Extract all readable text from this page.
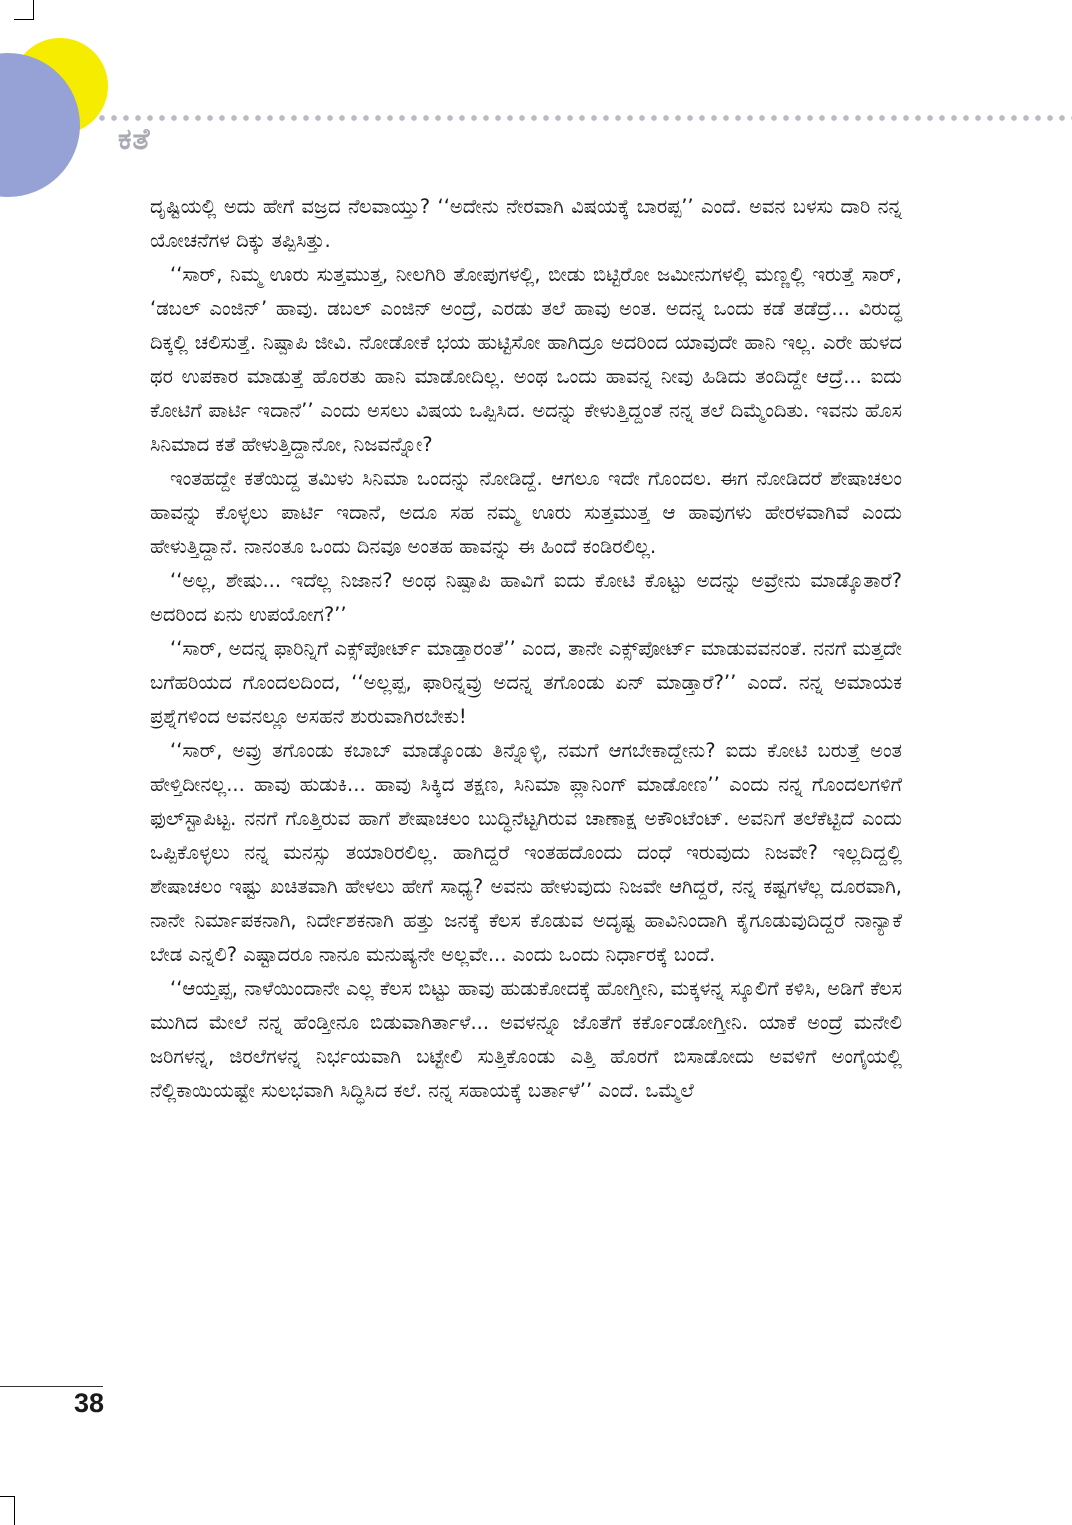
ಕತೆ

ದೃಷ್ಟಿಯಲ್ಲಿ ಅದು ಹೇಗೆ ವಜ್ರದ ನೆಲವಾಯ್ತು? ‘‘ಅದೇನು ನೇರವಾಗಿ ವಿಷಯಕ್ಕೆ ಬಾರಪ್ಪ’’ ಎಂದೆ. ಅವನ ಬಳಸು ದಾರಿ ನನ್ನ ಯೋಚನೆಗಳ ದಿಕ್ಕು ತಪ್ಪಿಸಿತ್ತು.

‘‘ಸಾರ್, ನಿಮ್ಮ ಊರು ಸುತ್ತಮುತ್ತ, ನೀಲಗಿರಿ ತೋಪುಗಳಲ್ಲಿ, ಬೀಡು ಬಿಟ್ಟಿರೋ ಜಮೀನುಗಳಲ್ಲಿ ಮಣ್ಣಲ್ಲಿ ಇರುತ್ತೆ ಸಾರ್, ‘ಡಬಲ್ ಎಂಜಿನ್’ ಹಾವು. ಡಬಲ್ ಎಂಜಿನ್ ಅಂದ್ರೆ, ಎರಡು ತಲೆ ಹಾವು ಅಂತ. ಅದನ್ನ ಒಂದು ಕಡೆ ತಡೆದ್ರೆ... ವಿರುದ್ಧ ದಿಕ್ಕಲ್ಲಿ ಚಲಿಸುತ್ತೆ. ನಿಷ್ಪಾಪಿ ಜೀವಿ. ನೋಡೋಕೆ ಭಯ ಹುಟ್ಟಿಸೋ ಹಾಗಿದ್ರೂ ಅದರಿಂದ ಯಾವುದೇ ಹಾನಿ ಇಲ್ಲ. ಎರೇ ಹುಳದ ಥರ ಉಪಕಾರ ಮಾಡುತ್ತೆ ಹೊರತು ಹಾನಿ ಮಾಡೋದಿಲ್ಲ. ಅಂಥ ಒಂದು ಹಾವನ್ನ ನೀವು ಹಿಡಿದು ತಂದಿದ್ದೇ ಆದ್ರೆ... ಐದು ಕೋಟಿಗೆ ಪಾರ್ಟಿ ಇದಾನೆ’’ ಎಂದು ಅಸಲು ವಿಷಯ ಒಪ್ಪಿಸಿದ. ಅದನ್ನು ಕೇಳುತ್ತಿದ್ದಂತೆ ನನ್ನ ತಲೆ ದಿಮ್ಮೆಂದಿತು. ಇವನು ಹೊಸ ಸಿನಿಮಾದ ಕತೆ ಹೇಳುತ್ತಿದ್ದಾನೋ, ನಿಜವನ್ನೋ?

ಇಂತಹದ್ದೇ ಕತೆಯಿದ್ದ ತಮಿಳು ಸಿನಿಮಾ ಒಂದನ್ನು ನೋಡಿದ್ದೆ. ಆಗಲೂ ಇದೇ ಗೊಂದಲ. ಈಗ ನೋಡಿದರೆ ಶೇಷಾಚಲಂ ಹಾವನ್ನು ಕೊಳ್ಳಲು ಪಾರ್ಟಿ ಇದಾನೆ, ಅದೂ ಸಹ ನಮ್ಮ ಊರು ಸುತ್ತಮುತ್ತ ಆ ಹಾವುಗಳು ಹೇರಳವಾಗಿವೆ ಎಂದು ಹೇಳುತ್ತಿದ್ದಾನೆ. ನಾನಂತೂ ಒಂದು ದಿನವೂ ಅಂತಹ ಹಾವನ್ನು ಈ ಹಿಂದೆ ಕಂಡಿರಲಿಲ್ಲ.

‘‘ಅಲ್ಲ, ಶೇಷು... ಇದೆಲ್ಲ ನಿಜಾನ? ಅಂಥ ನಿಷ್ಪಾಪಿ ಹಾವಿಗೆ ಐದು ಕೋಟಿ ಕೊಟ್ಟು ಅದನ್ನು ಅವ್ರೇನು ಮಾಡ್ಕೊತಾರೆ? ಅದರಿಂದ ಏನು ಉಪಯೋಗ?’’

‘‘ಸಾರ್, ಅದನ್ನ ಫಾರಿನ್ನಿಗೆ ಎಕ್ಸ್‌ಪೋರ್ಟ್ ಮಾಡ್ತಾರಂತೆ’’ ಎಂದ, ತಾನೇ ಎಕ್ಸ್‌ಪೋರ್ಟ್ ಮಾಡುವವನಂತೆ. ನನಗೆ ಮತ್ತದೇ ಬಗೆಹರಿಯದ ಗೊಂದಲದಿಂದ, ‘‘ಅಲ್ಲಪ್ಪ, ಫಾರಿನ್ನವ್ರು ಅದನ್ನ ತಗೊಂಡು ಏನ್ ಮಾಡ್ತಾರೆ?’’ ಎಂದೆ. ನನ್ನ ಅಮಾಯಕ ಪ್ರಶ್ನೆಗಳಿಂದ ಅವನಲ್ಲೂ ಅಸಹನೆ ಶುರುವಾಗಿರಬೇಕು!

‘‘ಸಾರ್, ಅವ್ರು ತಗೊಂಡು ಕಬಾಬ್ ಮಾಡ್ಕೊಂಡು ತಿನ್ನೊಳ್ಳಿ, ನಮಗೆ ಆಗಬೇಕಾದ್ದೇನು? ಐದು ಕೋಟಿ ಬರುತ್ತೆ ಅಂತ ಹೇಳ್ತಿದೀನಲ್ಲ... ಹಾವು ಹುಡುಕಿ... ಹಾವು ಸಿಕ್ಕಿದ ತಕ್ಷಣ, ಸಿನಿಮಾ ಪ್ಲಾನಿಂಗ್ ಮಾಡೋಣ’’ ಎಂದು ನನ್ನ ಗೊಂದಲಗಳಿಗೆ ಫುಲ್‌ಸ್ಟಾಪಿಟ್ಟ. ನನಗೆ ಗೊತ್ತಿರುವ ಹಾಗೆ ಶೇಷಾಚಲಂ ಬುದ್ಧಿನೆಟ್ಟಗಿರುವ ಚಾಣಾಕ್ಷ ಅಕೌಂಟೆಂಟ್. ಅವನಿಗೆ ತಲೆಕೆಟ್ಟಿದೆ ಎಂದು ಒಪ್ಪಿಕೊಳ್ಳಲು ನನ್ನ ಮನಸ್ಸು ತಯಾರಿರಲಿಲ್ಲ. ಹಾಗಿದ್ದರೆ ಇಂತಹದೊಂದು ದಂಧೆ ಇರುವುದು ನಿಜವೇ? ಇಲ್ಲದಿದ್ದಲ್ಲಿ ಶೇಷಾಚಲಂ ಇಷ್ಟು ಖಚಿತವಾಗಿ ಹೇಳಲು ಹೇಗೆ ಸಾಧ್ಯ? ಅವನು ಹೇಳುವುದು ನಿಜವೇ ಆಗಿದ್ದರೆ, ನನ್ನ ಕಷ್ಟಗಳೆಲ್ಲ ದೂರವಾಗಿ, ನಾನೇ ನಿರ್ಮಾಪಕನಾಗಿ, ನಿರ್ದೇಶಕನಾಗಿ ಹತ್ತು ಜನಕ್ಕೆ ಕೆಲಸ ಕೊಡುವ ಅದೃಷ್ಟ ಹಾವಿನಿಂದಾಗಿ ಕೈಗೂಡುವುದಿದ್ದರೆ ನಾನ್ಯಾಕೆ ಬೇಡ ಎನ್ನಲಿ? ಎಷ್ಟಾದರೂ ನಾನೂ ಮನುಷ್ಯನೇ ಅಲ್ಲವೇ... ಎಂದು ಒಂದು ನಿರ್ಧಾರಕ್ಕೆ ಬಂದೆ.

‘‘ಆಯ್ತಪ್ಪ, ನಾಳೆಯಿಂದಾನೇ ಎಲ್ಲ ಕೆಲಸ ಬಿಟ್ಟು ಹಾವು ಹುಡುಕೋದಕ್ಕೆ ಹೋಗ್ತೀನಿ, ಮಕ್ಕಳನ್ನ ಸ್ಕೂಲಿಗೆ ಕಳಿಸಿ, ಅಡಿಗೆ ಕೆಲಸ ಮುಗಿದ ಮೇಲೆ ನನ್ನ ಹೆಂಡ್ತೀನೂ ಬಿಡುವಾಗಿರ್ತಾಳೆ... ಅವಳನ್ನೂ ಜೊತೆಗೆ ಕರ್ಕೊಂಡೋಗ್ತೀನಿ. ಯಾಕೆ ಅಂದ್ರೆ ಮನೇಲಿ ಜರಿಗಳನ್ನ, ಜಿರಲೆಗಳನ್ನ ನಿರ್ಭಯವಾಗಿ ಬಟ್ಟೇಲಿ ಸುತ್ತಿಕೊಂಡು ಎತ್ತಿ ಹೊರಗೆ ಬಿಸಾಡೋದು ಅವಳಿಗೆ ಅಂಗೈಯಲ್ಲಿ ನೆಲ್ಲಿಕಾಯಿಯಷ್ಟೇ ಸುಲಭವಾಗಿ ಸಿದ್ಧಿಸಿದ ಕಲೆ. ನನ್ನ ಸಹಾಯಕ್ಕೆ ಬರ್ತಾಳೆ’’ ಎಂದೆ. ಒಮ್ಮೆಲೆ

38
